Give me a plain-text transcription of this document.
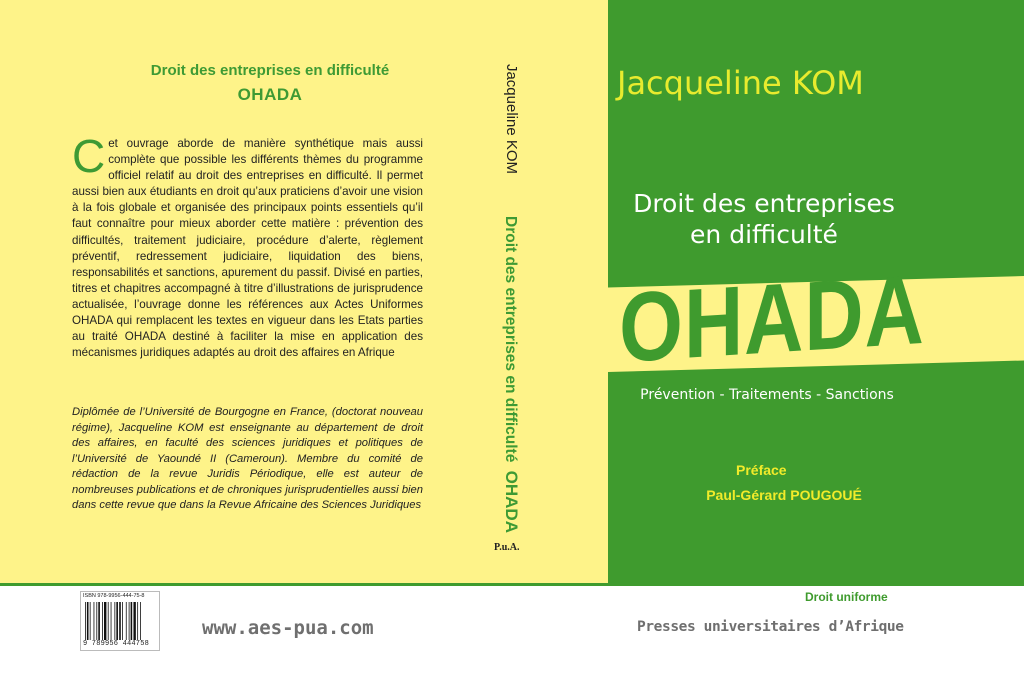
Droit des entreprises en difficulté
OHADA
C et ouvrage aborde de manière synthétique mais aussi complète que possible les différents thèmes du programme officiel relatif au droit des entreprises en difficulté. Il permet aussi bien aux étudiants en droit qu’aux praticiens d’avoir une vision à la fois globale et organisée des principaux points essentiels qu’il faut connaître pour mieux aborder cette matière : prévention des difficultés, traitement judiciaire, procédure d’alerte, règlement préventif, redressement judiciaire, liquidation des biens, responsabilités et sanctions, apurement du passif. Divisé en parties, titres et chapitres accompagné à titre d’illustrations de jurisprudence actualisée, l’ouvrage donne les références aux Actes Uniformes OHADA qui remplacent les textes en vigueur dans les Etats parties au traité OHADA destiné à faciliter la mise en application des mécanismes juridiques adaptés au droit des affaires en Afrique
Diplômée de l’Université de Bourgogne en France, (doctorat nouveau régime), Jacqueline KOM est enseignante au département de droit des affaires, en faculté des sciences juridiques et politiques de l’Université de Yaoundé II (Cameroun). Membre du comité de rédaction de la revue Juridis Périodique, elle est auteur de nombreuses publications et de chroniques jurisprudentielles aussi bien dans cette revue que dans la Revue Africaine des Sciences Juridiques
Jacqueline KOM
Droit des entreprises en difficulté OHADA
P.u.A.
Jacqueline KOM
Droit des entreprises
en difficulté
OHADA
Prévention - Traitements - Sanctions
Préface
Paul-Gérard POUGOUÉ
ISBN 978-9956-444-75-8
9 789956 444758
www.aes-pua.com
Droit uniforme
Presses universitaires d’Afrique
